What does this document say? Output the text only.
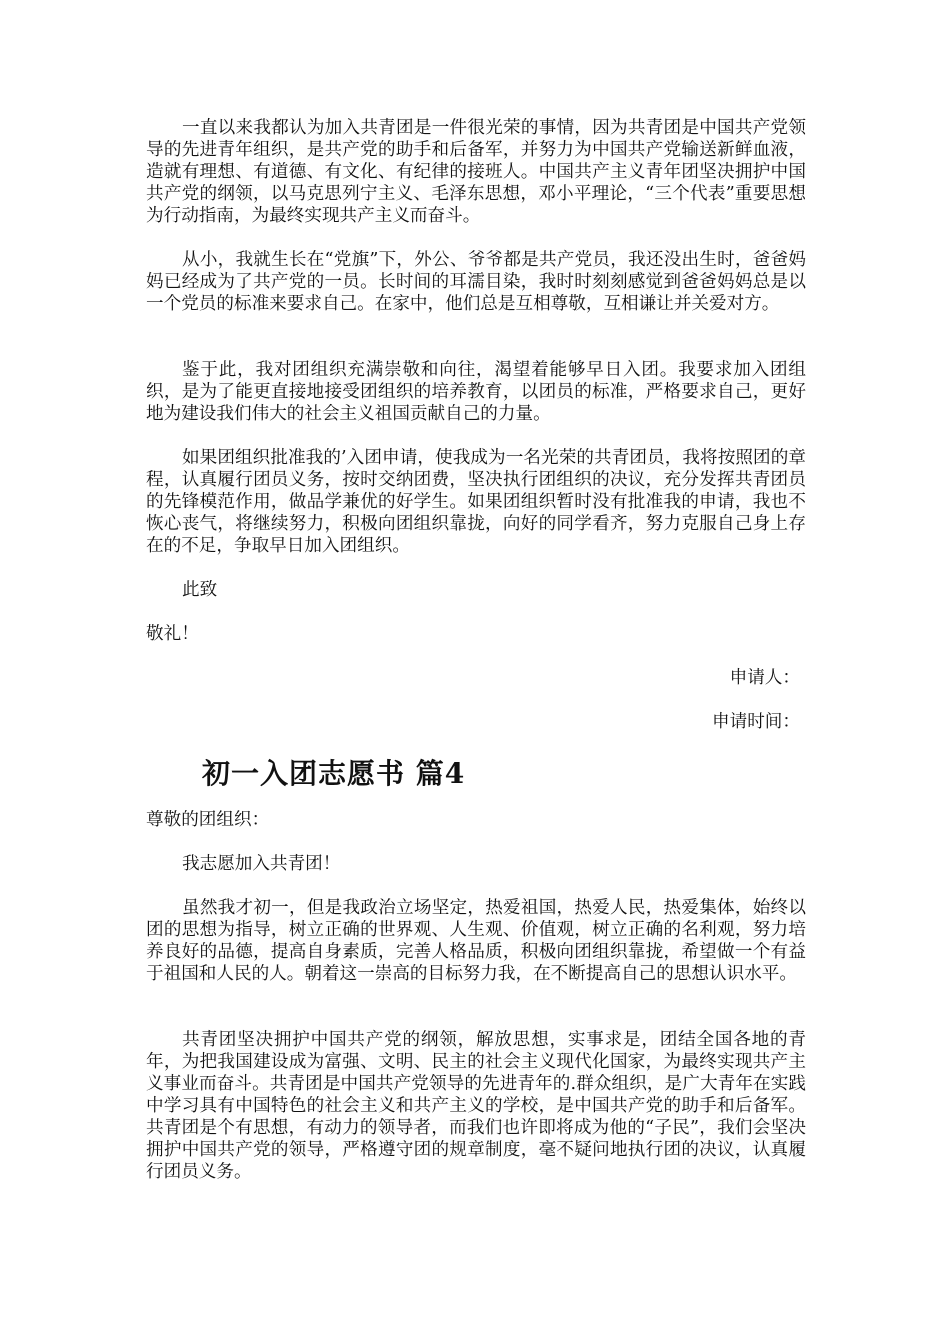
一直以来我都认为加入共青团是一件很光荣的事情，因为共青团是中国共产党领导的先进青年组织，是共产党的助手和后备军，并努力为中国共产党输送新鲜血液，造就有理想、有道德、有文化、有纪律的接班人。中国共产主义青年团坚决拥护中国共产党的纲领，以马克思列宁主义、毛泽东思想，邓小平理论，“三个代表”重要思想为行动指南，为最终实现共产主义而奋斗。

从小，我就生长在“党旗”下，外公、爷爷都是共产党员，我还没出生时，爸爸妈妈已经成为了共产党的一员。长时间的耳濡目染，我时时刻刻感觉到爸爸妈妈总是以一个党员的标准来要求自己。在家中，他们总是互相尊敬，互相谦让并关爱对方。

鉴于此，我对团组织充满崇敬和向往，渴望着能够早日入团。我要求加入团组织，是为了能更直接地接受团组织的培养教育，以团员的标准，严格要求自己，更好地为建设我们伟大的社会主义祖国贡献自己的力量。

如果团组织批准我的’入团申请，使我成为一名光荣的共青团员，我将按照团的章程，认真履行团员义务，按时交纳团费，坚决执行团组织的决议，充分发挥共青团员的先锋模范作用，做品学兼优的好学生。如果团组织暂时没有批准我的申请，我也不恢心丧气，将继续努力，积极向团组织靠拢，向好的同学看齐，努力克服自己身上存在的不足，争取早日加入团组织。

此致

敬礼！

申请人：

申请时间：

初一入团志愿书 篇4

尊敬的团组织：

我志愿加入共青团！

虽然我才初一，但是我政治立场坚定，热爱祖国，热爱人民，热爱集体，始终以团的思想为指导，树立正确的世界观、人生观、价值观，树立正确的名利观，努力培养良好的品德，提高自身素质，完善人格品质，积极向团组织靠拢，希望做一个有益于祖国和人民的人。朝着这一崇高的目标努力我，在不断提高自己的思想认识水平。

共青团坚决拥护中国共产党的纲领，解放思想，实事求是，团结全国各地的青年，为把我国建设成为富强、文明、民主的社会主义现代化国家，为最终实现共产主义事业而奋斗。共青团是中国共产党领导的先进青年的.群众组织，是广大青年在实践中学习具有中国特色的社会主义和共产主义的学校，是中国共产党的助手和后备军。共青团是个有思想，有动力的领导者，而我们也许即将成为他的“子民”，我们会坚决拥护中国共产党的领导，严格遵守团的规章制度，毫不疑问地执行团的决议，认真履行团员义务。
